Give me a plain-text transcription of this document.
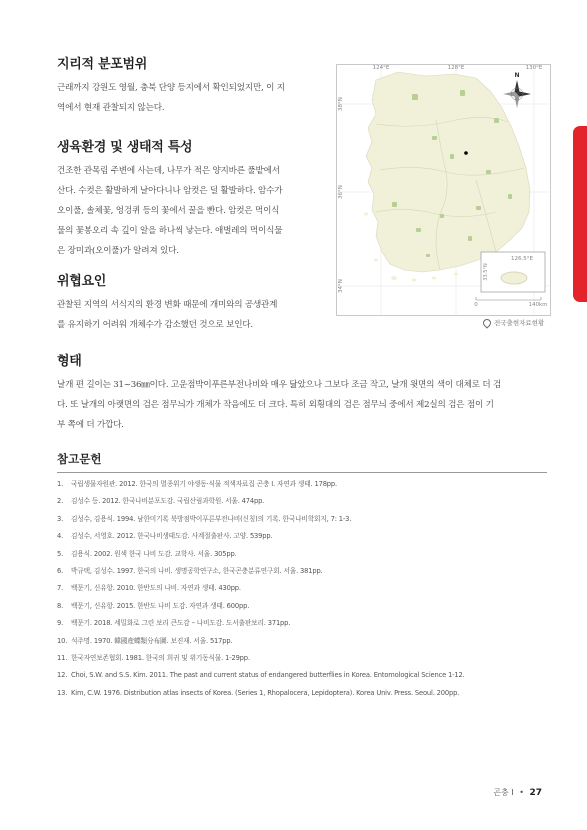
지리적 분포범위

근래까지 강원도 영월, 충북 단양 등지에서 확인되었지만, 이 지
역에서 현재 관찰되지 않는다.

생육환경 및 생태적 특성

건조한 관목림 주변에 사는데, 나무가 적은 양지바른 풀밭에서
산다. 수컷은 활발하게 날아다니나 암컷은 덜 활발하다. 암수가
오이풀, 솔체꽃, 엉겅퀴 등의 꽃에서 꿀을 빤다. 암컷은 먹이식
물의 꽃봉오리 속 깊이 알을 하나씩 낳는다. 애벌레의 먹이식물
은 장미과(오이풀)가 알려져 있다.

위협요인

관찰된 지역의 서식지의 환경 변화 때문에 개미와의 공생관계
를 유지하기 어려워 개체수가 감소했던 것으로 보인다.

형태

날개 편 길이는 31~36㎜이다. 고운점박이푸른부전나비와 매우 닮았으나 그보다 조금 작고, 날개 윗면의 색이 대체로 더 검
다. 또 날개의 아랫면의 검은 점무늬가 개체가 작음에도 더 크다. 특히 외횡대의 검은 점무늬 중에서 제2실의 검은 점이 기
부 쪽에 더 가깝다.

참고문헌
1. 국립생물자원관. 2012. 한국의 멸종위기 야생동·식물 적색자료집 곤충 I. 자연과 생태. 178pp.
2. 김성수 등. 2012. 한국나비분포도감. 국립산림과학원. 서울. 474pp.
3. 김성수, 김용식. 1994. 남한미기록 북방점박이푸른부전나비(신칭)의 기록. 한국나비학회지, 7: 1-3.
4. 김성수, 서영호. 2012. 한국나비생태도감. 사계절출판사. 고양. 539pp.
5. 김용식. 2002. 원색 한국 나비 도감. 교학사. 서울. 305pp.
6. 박규택, 김성수. 1997. 한국의 나비. 생명공학연구소, 한국곤충분류연구회. 서울. 381pp.
7. 백문기, 신유항. 2010. 한반도의 나비. 자연과 생태. 430pp.
8. 백문기, 신유항. 2015. 한반도 나비 도감. 자연과 생태. 600pp.
9. 백문기. 2018. 세밀화로 그린 보리 큰도감 – 나비도감. 도서출판보리. 371pp.
10. 석주명. 1970. 韓國産蝶類分布圖. 보진재. 서울. 517pp.
11. 한국자연보존협회. 1981. 한국의 희귀 및 위기동식물. 1-29pp.
12. Choi, S.W. and S.S. Kim. 2011. The past and current status of endangered butterflies in Korea. Entomological Science 1-12.
13. Kim, C.W. 1976. Distribution atlas insects of Korea. (Series 1, Rhopalocera, Lepidoptera). Korea Univ. Press. Seoul. 200pp.
124°E	128°E	130°E
38°N
36°N
34°N
N
126.5°E
33.5°N
0	140km
전국출현자료현황
곤충 I • 27
